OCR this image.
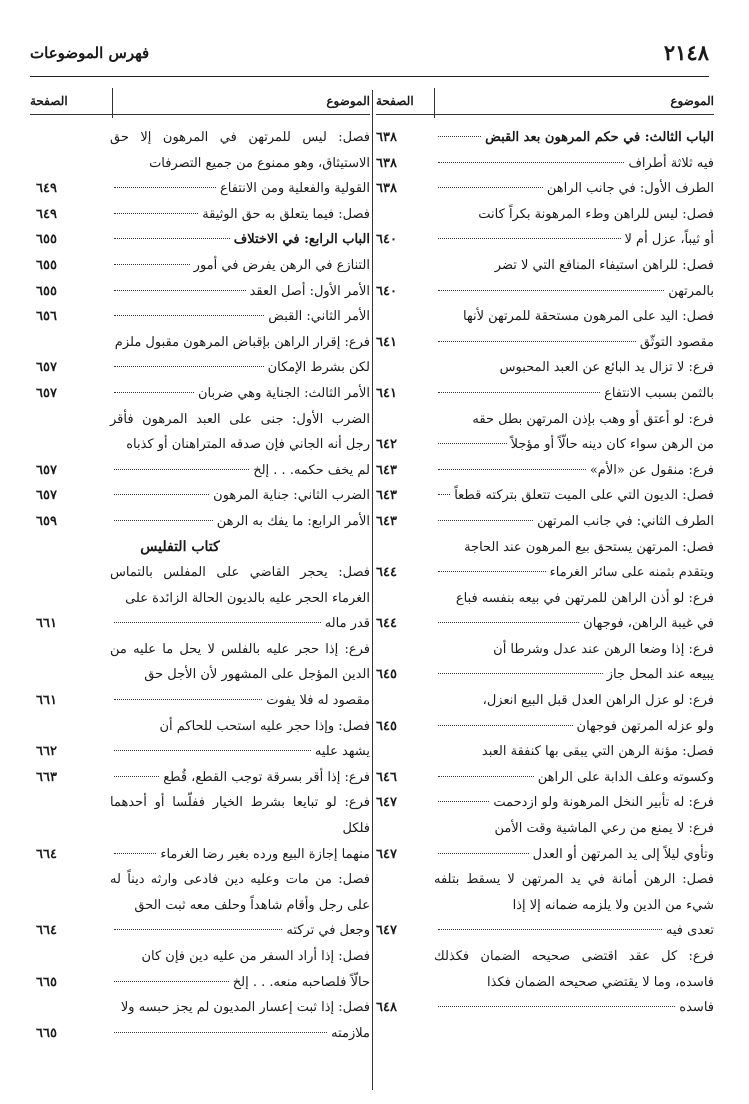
٢١٤٨
فهرس الموضوعات
الموضوع
الصفحة
الباب الثالث: في حكم المرهون بعد القبض
٦٣٨
فيه ثلاثة أطراف
٦٣٨
الطرف الأول: في جانب الراهن
٦٣٨
فصل: ليس للراهن وطء المرهونة بكراً كانت
أو ثيباً، عزل أم لا
٦٤٠
فصل: للراهن استيفاء المنافع التي لا تضر
بالمرتهن
٦٤٠
فصل: اليد على المرهون مستحقة للمرتهن لأنها
مقصود التوثّق
٦٤١
فرع: لا تزال يد البائع عن العبد المحبوس
بالثمن بسبب الانتفاع
٦٤١
فرع: لو أعتق أو وهب بإذن المرتهن بطل حقه
من الرهن سواء كان دينه حالّاً أو مؤجلاً
٦٤٢
فرع: منقول عن «الأم»
٦٤٣
فصل: الديون التي على الميت تتعلق بتركته قطعاً
٦٤٣
الطرف الثاني: في جانب المرتهن
٦٤٣
فصل: المرتهن يستحق بيع المرهون عند الحاجة
ويتقدم بثمنه على سائر الغرماء
٦٤٤
فرع: لو أذن الراهن للمرتهن في بيعه بنفسه فباع
في غيبة الراهن، فوجهان
٦٤٤
فرع: إذا وضعا الرهن عند عدل وشرطا أن
يبيعه عند المحل جاز
٦٤٥
فرع: لو عزل الراهن العدل قبل البيع انعزل،
ولو عزله المرتهن فوجهان
٦٤٥
فصل: مؤنة الرهن التي يبقى بها كنفقة العبد
وكسوته وعلف الدابة على الراهن
٦٤٦
فرع: له تأبير النخل المرهونة ولو ازدحمت
٦٤٧
فرع: لا يمنع من رعي الماشية وقت الأمن
وتأوي ليلاً إلى يد المرتهن أو العدل
٦٤٧
فصل: الرهن أمانة في يد المرتهن لا يسقط بتلفه شيء من الدين ولا يلزمه ضمانه إلا إذا
تعدى فيه
٦٤٧
فرع: كل عقد اقتضى صحيحه الضمان فكذلك فاسده، وما لا يقتضي صحيحه الضمان فكذا
فاسده
٦٤٨
الموضوع
الصفحة
فصل: ليس للمرتهن في المرهون إلا حق الاستيثاق، وهو ممنوع من جميع التصرفات
القولية والفعلية ومن الانتفاع
٦٤٩
فصل: فيما يتعلق به حق الوثيقة
٦٤٩
الباب الرابع: في الاختلاف
٦٥٥
التنازع في الرهن يفرض في أمور
٦٥٥
الأمر الأول: أصل العقد
٦٥٥
الأمر الثاني: القبض
٦٥٦
فرع: إقرار الراهن بإقباض المرهون مقبول ملزم
لكن بشرط الإمكان
٦٥٧
الأمر الثالث: الجناية وهي ضربان
٦٥٧
الضرب الأول: جنى على العبد المرهون فأقر رجل أنه الجاني فإن صدقه المتراهنان أو كذباه
لم يخف حكمه. . . إلخ
٦٥٧
الضرب الثاني: جناية المرهون
٦٥٧
الأمر الرابع: ما يفك به الرهن
٦٥٩
كتاب التفليس
فصل: يحجر القاضي على المفلس بالتماس الغرماء الحجر عليه بالديون الحالة الزائدة على
قدر ماله
٦٦١
فرع: إذا حجر عليه بالفلس لا يحل ما عليه من الدين المؤجل على المشهور لأن الأجل حق
مقصود له فلا يفوت
٦٦١
فصل: وإذا حجر عليه استحب للحاكم أن
يشهد عليه
٦٦٢
فرع: إذا أقر بسرقة توجب القطع، قُطع
٦٦٣
فرع: لو تبايعا بشرط الخيار ففلّسا أو أحدهما فلكل
منهما إجازة البيع ورده بغير رضا الغرماء
٦٦٤
فصل: من مات وعليه دين فادعى وارثه ديناً له على رجل وأقام شاهداً وحلف معه ثبت الحق
وجعل في تركته
٦٦٤
فصل: إذا أراد السفر من عليه دين فإن كان
حالّاً فلصاحبه منعه. . . إلخ
٦٦٥
فصل: إذا ثبت إعسار المديون لم يجز حبسه ولا
ملازمته
٦٦٥
